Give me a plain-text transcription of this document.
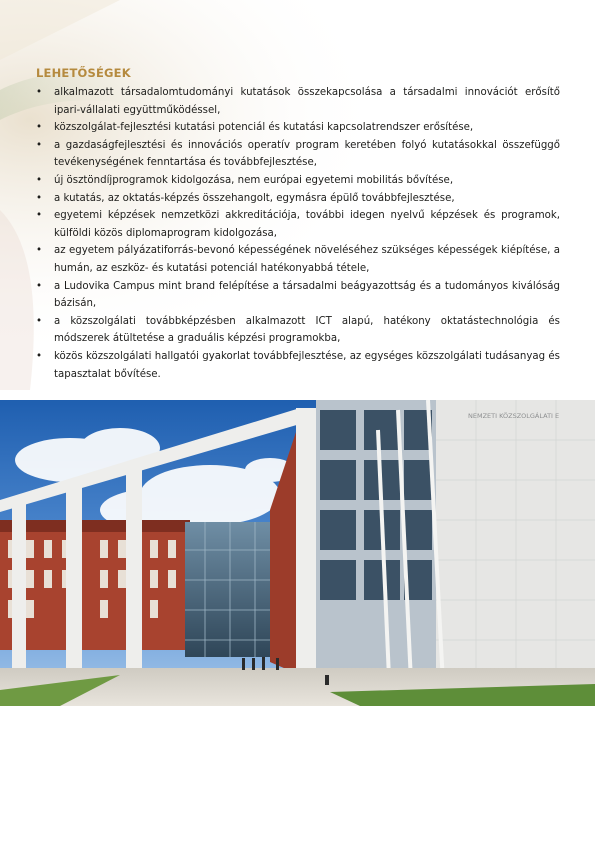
LEHETŐSÉGEK
• alkalmazott társadalomtudományi kutatások összekapcsolása a társadalmi innovációt erősítő ipari-vállalati együttműködéssel,
• közszolgálat-fejlesztési kutatási potenciál és kutatási kapcsolatrendszer erősítése,
• a gazdaságfejlesztési és innovációs operatív program keretében folyó kutatásokkal összefüggő tevékenységének fenntartása és továbbfejlesztése,
• új ösztöndíjprogramok kidolgozása, nem európai egyetemi mobilitás bővítése,
• a kutatás, az oktatás-képzés összehangolt, egymásra épülő továbbfejlesztése,
• egyetemi képzések nemzetközi akkreditációja, további idegen nyelvű képzések és programok, külföldi közös diplomaprogram kidolgozása,
• az egyetem pályázatiforrás-bevonó képességének növeléséhez szükséges képességek kiépítése, a humán, az eszköz- és kutatási potenciál hatékonyabbá tétele,
• a Ludovika Campus mint brand felépítése a társadalmi beágyazottság és a tudományos kiválóság bázisán,
• a közszolgálati továbbképzésben alkalmazott ICT alapú, hatékony oktatástechnológia és módszerek átültetése a graduális képzési programokba,
• közös közszolgálati hallgatói gyakorlat továbbfejlesztése, az egységes közszolgálati tudásanyag és tapasztalat bővítése.
NEMZETI KÖZSZOLGÁLATI E
